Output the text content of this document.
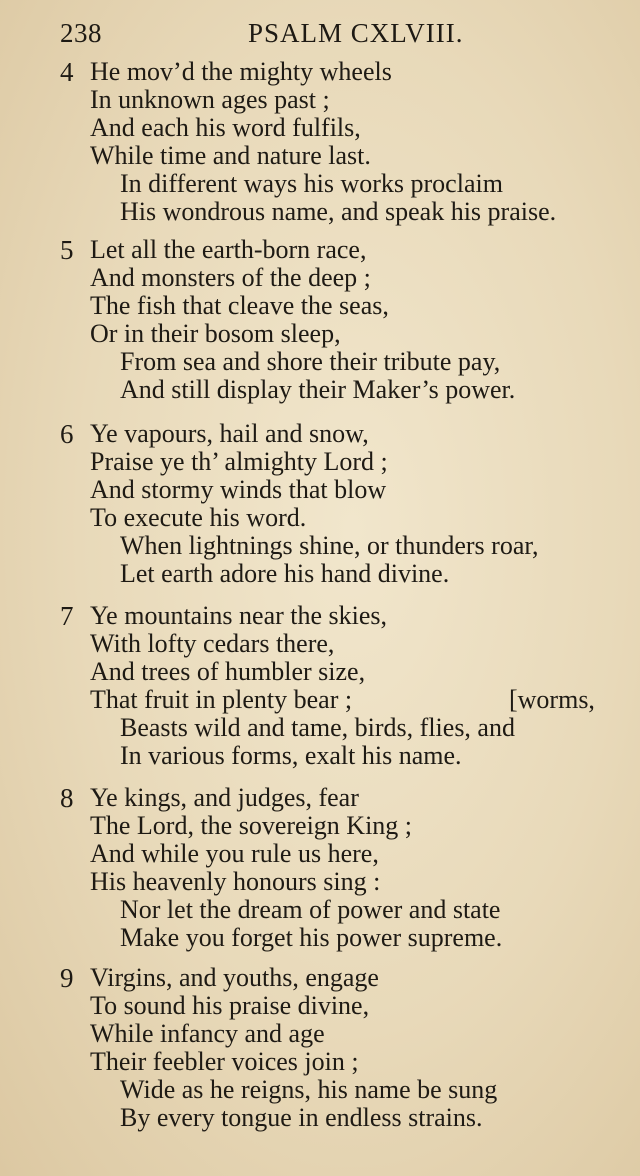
238	PSALM CXLVIII.
4 He mov’d the mighty wheels
In unknown ages past ;
And each his word fulfils,
While time and nature last.
In different ways his works proclaim
His wondrous name, and speak his praise.
5 Let all the earth-born race,
And monsters of the deep ;
The fish that cleave the seas,
Or in their bosom sleep,
From sea and shore their tribute pay,
And still display their Maker’s power.
6 Ye vapours, hail and snow,
Praise ye th’ almighty Lord ;
And stormy winds that blow
To execute his word.
When lightnings shine, or thunders roar,
Let earth adore his hand divine.
7 Ye mountains near the skies,
With lofty cedars there,
And trees of humbler size,
That fruit in plenty bear ;	[worms,
Beasts wild and tame, birds, flies, and
In various forms, exalt his name.
8 Ye kings, and judges, fear
The Lord, the sovereign King ;
And while you rule us here,
His heavenly honours sing :
Nor let the dream of power and state
Make you forget his power supreme.
9 Virgins, and youths, engage
To sound his praise divine,
While infancy and age
Their feebler voices join ;
Wide as he reigns, his name be sung
By every tongue in endless strains.
